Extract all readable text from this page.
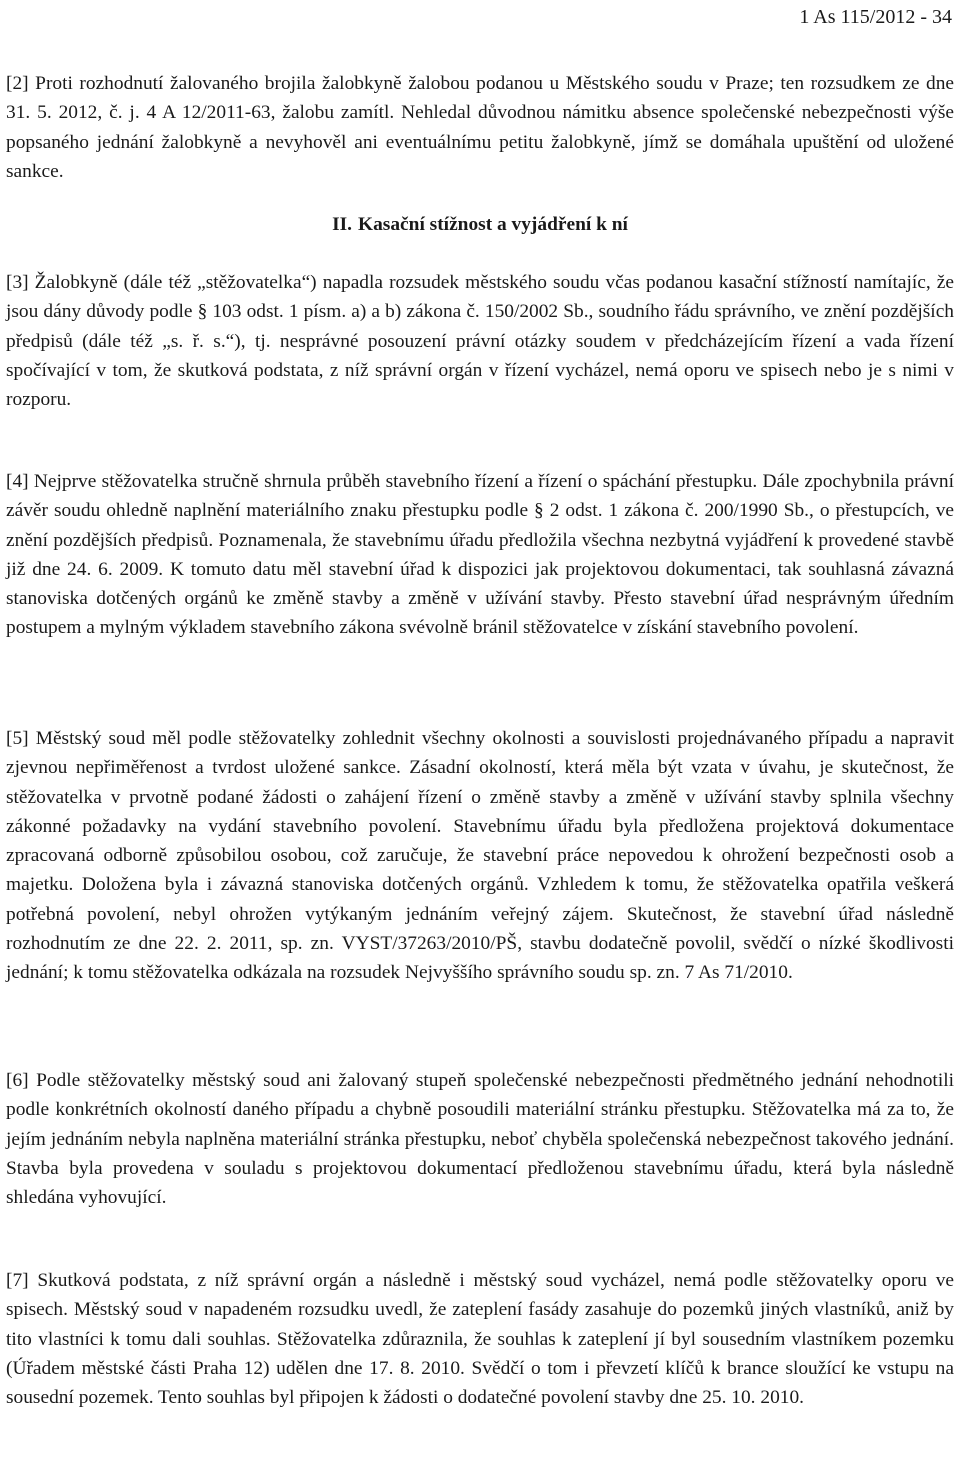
1 As 115/2012 - 34

[2] Proti rozhodnutí žalovaného brojila žalobkyně žalobou podanou u Městského soudu v Praze; ten rozsudkem ze dne 31. 5. 2012, č. j. 4 A 12/2011-63, žalobu zamítl. Nehledal důvodnou námitku absence společenské nebezpečnosti výše popsaného jednání žalobkyně a nevyhověl ani eventuálnímu petitu žalobkyně, jímž se domáhala upuštění od uložené sankce.

II. Kasační stížnost a vyjádření k ní

[3] Žalobkyně (dále též „stěžovatelka“) napadla rozsudek městského soudu včas podanou kasační stížností namítajíc, že jsou dány důvody podle § 103 odst. 1 písm. a) a b) zákona č. 150/2002 Sb., soudního řádu správního, ve znění pozdějších předpisů (dále též „s. ř. s.“), tj. nesprávné posouzení právní otázky soudem v předcházejícím řízení a vada řízení spočívající v tom, že skutková podstata, z níž správní orgán v řízení vycházel, nemá oporu ve spisech nebo je s nimi v rozporu.

[4] Nejprve stěžovatelka stručně shrnula průběh stavebního řízení a řízení o spáchání přestupku. Dále zpochybnila právní závěr soudu ohledně naplnění materiálního znaku přestupku podle § 2 odst. 1 zákona č. 200/1990 Sb., o přestupcích, ve znění pozdějších předpisů. Poznamenala, že stavebnímu úřadu předložila všechna nezbytná vyjádření k provedené stavbě již dne 24. 6. 2009. K tomuto datu měl stavební úřad k dispozici jak projektovou dokumentaci, tak souhlasná závazná stanoviska dotčených orgánů ke změně stavby a změně v užívání stavby. Přesto stavební úřad nesprávným úředním postupem a mylným výkladem stavebního zákona svévolně bránil stěžovatelce v získání stavebního povolení.

[5] Městský soud měl podle stěžovatelky zohlednit všechny okolnosti a souvislosti projednávaného případu a napravit zjevnou nepřiměřenost a tvrdost uložené sankce. Zásadní okolností, která měla být vzata v úvahu, je skutečnost, že stěžovatelka v prvotně podané žádosti o zahájení řízení o změně stavby a změně v užívání stavby splnila všechny zákonné požadavky na vydání stavebního povolení. Stavebnímu úřadu byla předložena projektová dokumentace zpracovaná odborně způsobilou osobou, což zaručuje, že stavební práce nepovedou k ohrožení bezpečnosti osob a majetku. Doložena byla i závazná stanoviska dotčených orgánů. Vzhledem k tomu, že stěžovatelka opatřila veškerá potřebná povolení, nebyl ohrožen vytýkaným jednáním veřejný zájem. Skutečnost, že stavební úřad následně rozhodnutím ze dne 22. 2. 2011, sp. zn. VYST/37263/2010/PŠ, stavbu dodatečně povolil, svědčí o nízké škodlivosti jednání; k tomu stěžovatelka odkázala na rozsudek Nejvyššího správního soudu sp. zn. 7 As 71/2010.

[6] Podle stěžovatelky městský soud ani žalovaný stupeň společenské nebezpečnosti předmětného jednání nehodnotili podle konkrétních okolností daného případu a chybně posoudili materiální stránku přestupku. Stěžovatelka má za to, že jejím jednáním nebyla naplněna materiální stránka přestupku, neboť chyběla společenská nebezpečnost takového jednání. Stavba byla provedena v souladu s projektovou dokumentací předloženou stavebnímu úřadu, která byla následně shledána vyhovující.

[7] Skutková podstata, z níž správní orgán a následně i městský soud vycházel, nemá podle stěžovatelky oporu ve spisech. Městský soud v napadeném rozsudku uvedl, že zateplení fasády zasahuje do pozemků jiných vlastníků, aniž by tito vlastníci k tomu dali souhlas. Stěžovatelka zdůraznila, že souhlas k zateplení jí byl sousedním vlastníkem pozemku (Úřadem městské části Praha 12) udělen dne 17. 8. 2010. Svědčí o tom i převzetí klíčů k brance sloužící ke vstupu na sousední pozemek. Tento souhlas byl připojen k žádosti o dodatečné povolení stavby dne 25. 10. 2010.
